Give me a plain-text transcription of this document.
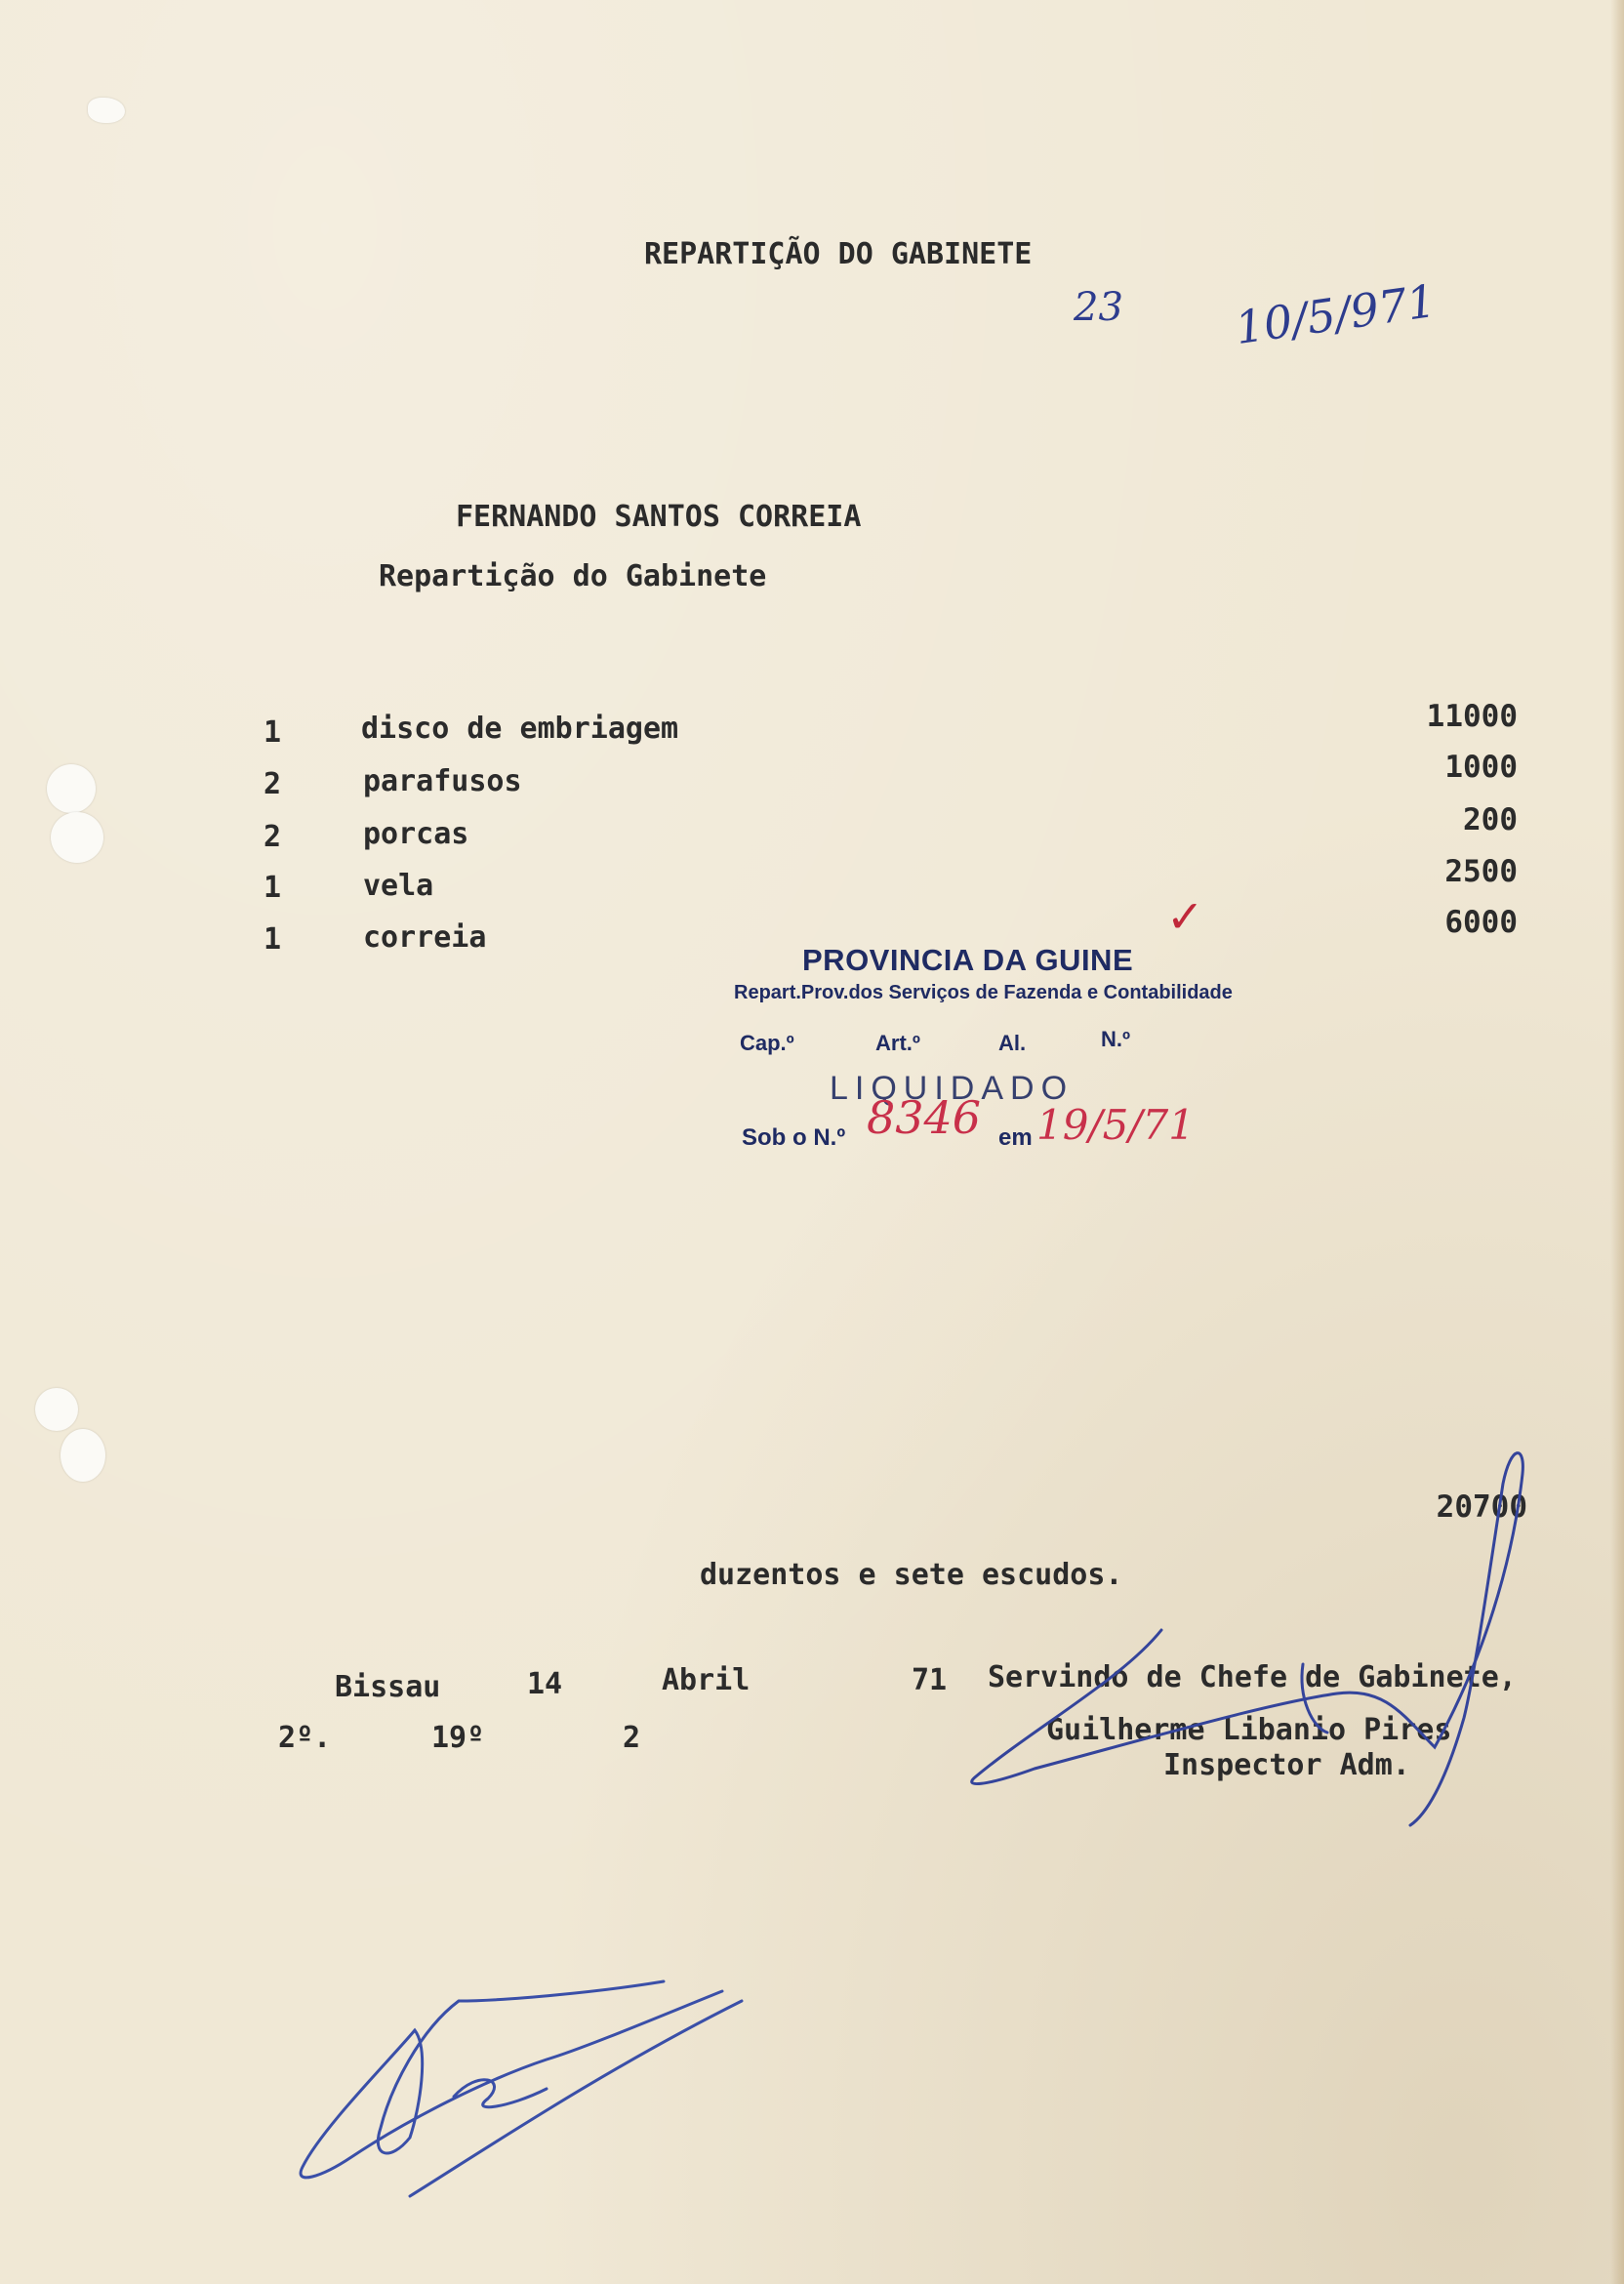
REPARTIÇÃO DO GABINETE
23 10/5/971
FERNANDO SANTOS CORREIA
Repartição do Gabinete
1	disco de embriagem	11000
2	parafusos	1000
2	porcas	200
1	vela	2500
1	correia	6000
✓
PROVINCIA DA GUINE
Repart.Prov.dos Serviços de Fazenda e Contabilidade
Cap.º	Art.º	Al.	N.º
LIQUIDADO
Sob o N.º	em
8346 19/5/71
20700
duzentos e sete escudos.
Bissau	14	Abril	71
2º.	19º	2
Servindo de Chefe de Gabinete,
Guilherme Libanio Pires
Inspector Adm.
